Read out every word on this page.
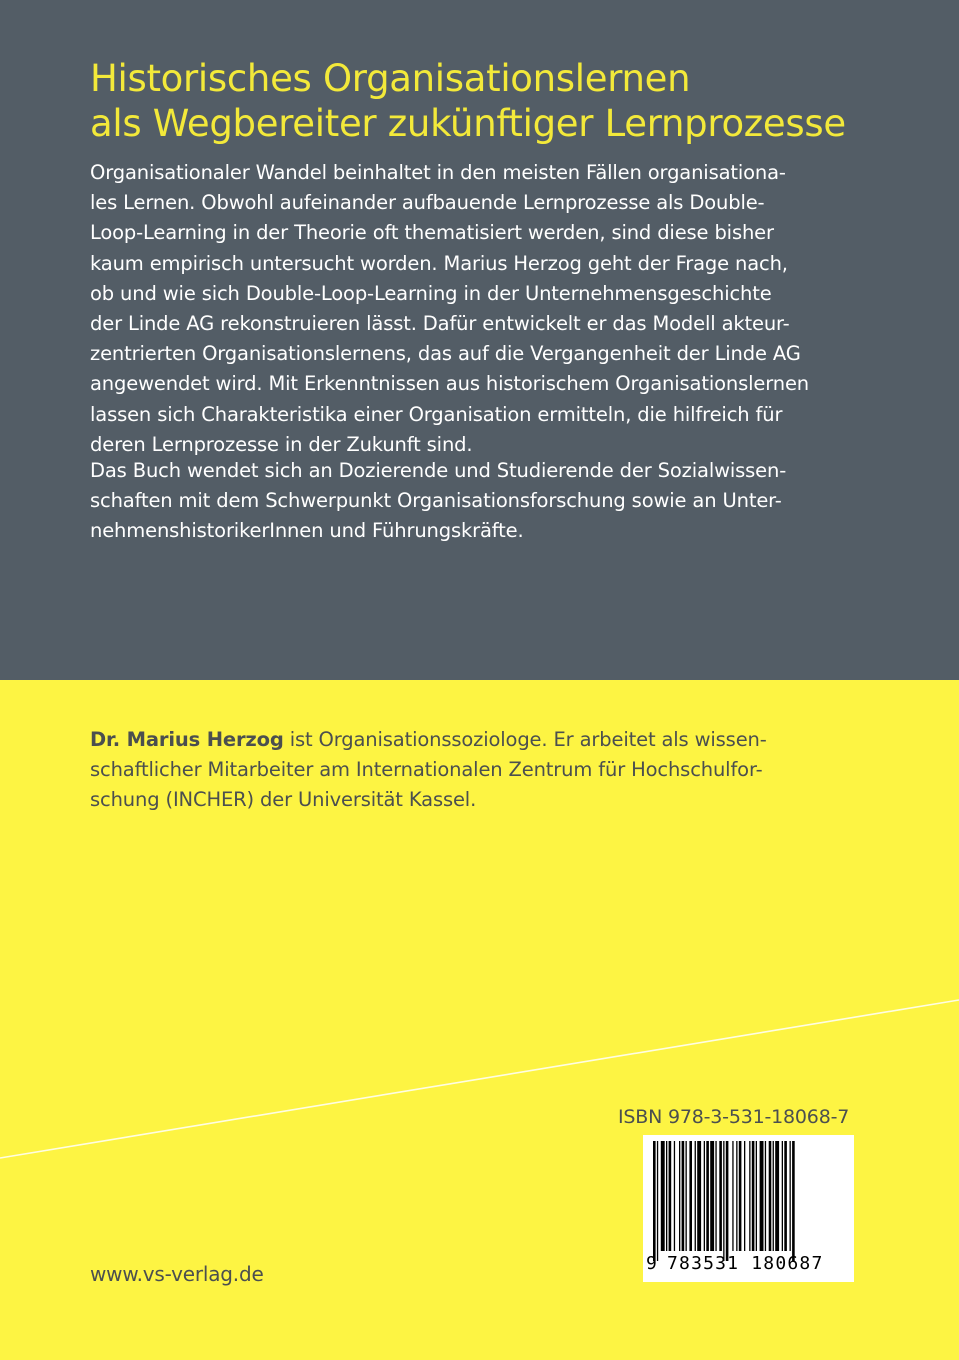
Historisches Organisationslernen
als Wegbereiter zukünftiger Lernprozesse

Organisationaler Wandel beinhaltet in den meisten Fällen organisationa-
les Lernen. Obwohl aufeinander aufbauende Lernprozesse als Double-
Loop-Learning in der Theorie oft thematisiert werden, sind diese bisher
kaum empirisch untersucht worden. Marius Herzog geht der Frage nach,
ob und wie sich Double-Loop-Learning in der Unternehmensgeschichte
der Linde AG rekonstruieren lässt. Dafür entwickelt er das Modell akteur-
zentrierten Organisationslernens, das auf die Vergangenheit der Linde AG
angewendet wird. Mit Erkenntnissen aus historischem Organisationslernen
lassen sich Charakteristika einer Organisation ermitteln, die hilfreich für
deren Lernprozesse in der Zukunft sind.

Das Buch wendet sich an Dozierende und Studierende der Sozialwissen-
schaften mit dem Schwerpunkt Organisationsforschung sowie an Unter-
nehmenshistorikerInnen und Führungskräfte.

Dr. Marius Herzog ist Organisationssoziologe. Er arbeitet als wissen-
schaftlicher Mitarbeiter am Internationalen Zentrum für Hochschulfor-
schung (INCHER) der Universität Kassel.

ISBN 978-3-531-18068-7
9 783531 180687
www.vs-verlag.de
